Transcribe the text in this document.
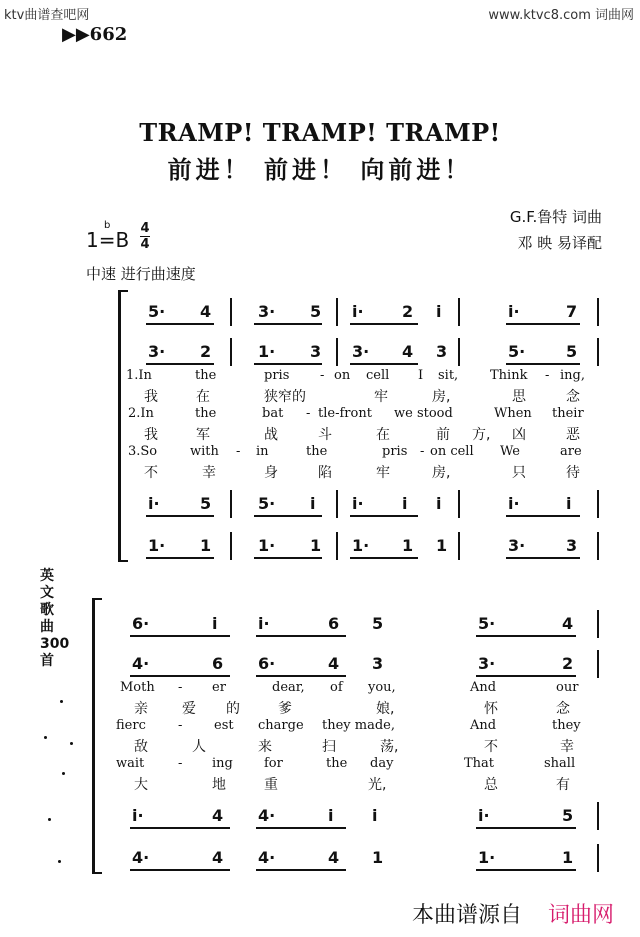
ktv曲谱查吧网	www.ktvc8.com 词曲网
▶▶662
TRAMP! TRAMP! TRAMP!
前进！ 前进！ 向前进！
G.F.鲁特 词曲
邓 映 易译配
1=B
b 4
4
中速 进行曲速度
英文歌曲300首
本曲谱源自 词曲网
5· 4	3· 5 i· 2 i	i·	7
3· 2	1· 3 3· 4 3	5·	5
i·	5	5· i i· i i	i·	i
1· 1	1· 1 1· 1 1	3·	3
6·	i	i·	6 5	5·	4
4·	6 6·	4 3	3·	2
i·	4 4·	i i	i·	5
4·	4 4·	4 1	1·	1
1.In	the	pris - on cell I sit, Think - ing,
我	在	狭窄的	牢	房,	思	念
2.In	the	bat - tle-front we stood	When their
我	军	战	斗	在	前 方, 凶	恶
3.So	with - in	the	pris - on cell We	are
不	幸	身	陷	牢	房,	只	待
Moth - er	dear, of you,	And	our
亲 爱 的	爹	娘,	怀	念
fierc - est charge they made,	And	they
敌	人	来	扫	荡,	不	幸
wait	- ing for	the day	That	shall
大	地	重	光,	总	有
